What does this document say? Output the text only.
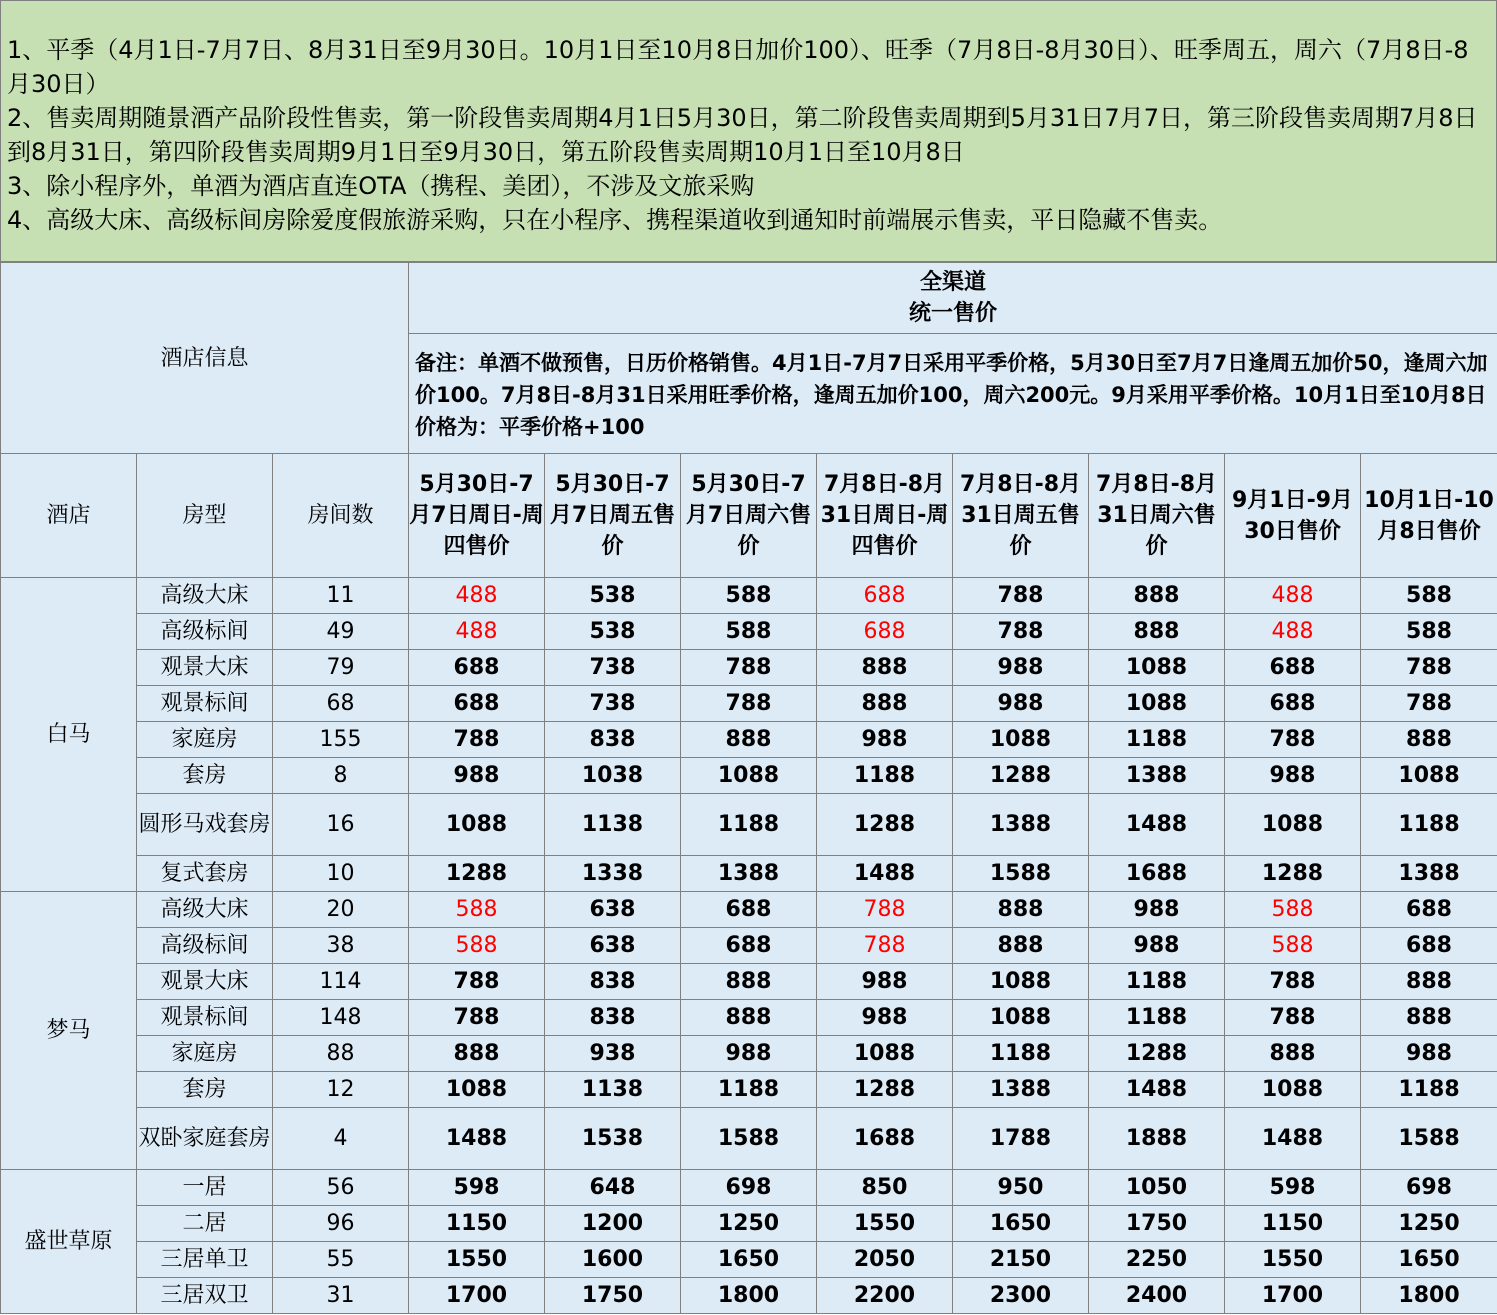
1、平季（4月1日-7月7日、8月31日至9月30日。10月1日至10月8日加价100）、旺季（7月8日-8月30日）、旺季周五，周六（7月8日-8月30日）

2、售卖周期随景酒产品阶段性售卖，第一阶段售卖周期4月1日5月30日，第二阶段售卖周期到5月31日7月7日，第三阶段售卖周期7月8日到8月31日，第四阶段售卖周期9月1日至9月30日，第五阶段售卖周期10月1日至10月8日

3、除小程序外，单酒为酒店直连OTA（携程、美团），不涉及文旅采购

4、高级大床、高级标间房除爱度假旅游采购，只在小程序、携程渠道收到通知时前端展示售卖，平日隐藏不售卖。

酒店信息			全渠道
统一售价							

			备注：单酒不做预售，日历价格销售。4月1日-7月7日采用平季价格，5月30日至7月7日逢周五加价50，逢周六加价100。7月8日-8月31日采用旺季价格，逢周五加价100，周六200元。9月采用平季价格。10月1日至10月8日价格为：平季价格+100							
酒店	房型	房间数	5月30日-7月7日周日-周四售价	5月30日-7月7日周五售价	5月30日-7月7日周六售价	7月8日-8月31日周日-周四售价	7月8日-8月31日周五售价	7月8日-8月31日周六售价	9月1日-9月30日售价	10月1日-10月8日售价
白马	高级大床	11	488	538	588	688	788	888	488	588
	高级标间	49	488	538	588	688	788	888	488	588
	观景大床	79	688	738	788	888	988	1088	688	788
	观景标间	68	688	738	788	888	988	1088	688	788
	家庭房	155	788	838	888	988	1088	1188	788	888
	套房	8	988	1038	1088	1188	1288	1388	988	1088
	圆形马戏套房	16	1088	1138	1188	1288	1388	1488	1088	1188
	复式套房	10	1288	1338	1388	1488	1588	1688	1288	1388
梦马	高级大床	20	588	638	688	788	888	988	588	688
	高级标间	38	588	638	688	788	888	988	588	688
	观景大床	114	788	838	888	988	1088	1188	788	888
	观景标间	148	788	838	888	988	1088	1188	788	888
	家庭房	88	888	938	988	1088	1188	1288	888	988
	套房	12	1088	1138	1188	1288	1388	1488	1088	1188
	双卧家庭套房	4	1488	1538	1588	1688	1788	1888	1488	1588
盛世草原	一居	56	598	648	698	850	950	1050	598	698
	二居	96	1150	1200	1250	1550	1650	1750	1150	1250
	三居单卫	55	1550	1600	1650	2050	2150	2250	1550	1650
	三居双卫	31	1700	1750	1800	2200	2300	2400	1700	1800
